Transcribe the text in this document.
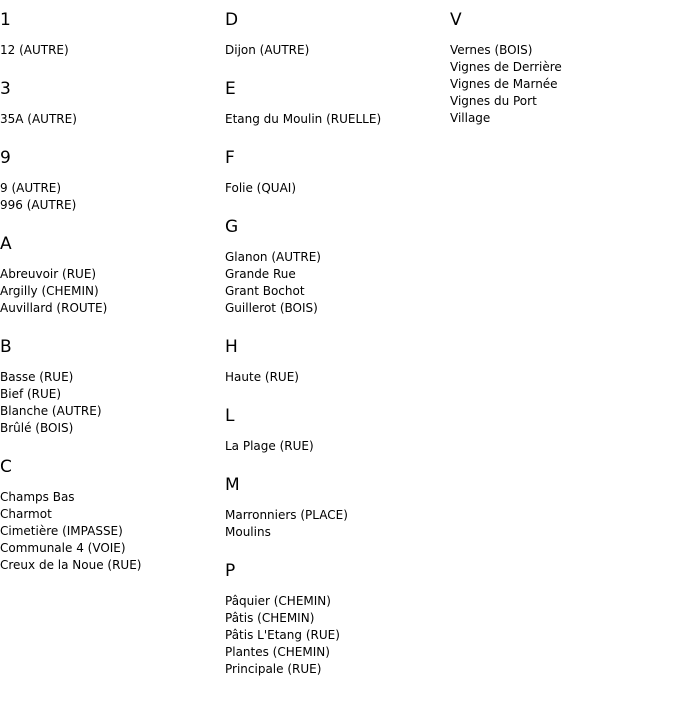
1
12 (AUTRE)
3
35A (AUTRE)
9
9 (AUTRE)
996 (AUTRE)
A
Abreuvoir (RUE)
Argilly (CHEMIN)
Auvillard (ROUTE)
B
Basse (RUE)
Bief (RUE)
Blanche (AUTRE)
Brûlé (BOIS)
C
Champs Bas
Charmot
Cimetière (IMPASSE)
Communale 4 (VOIE)
Creux de la Noue (RUE)
D
Dijon (AUTRE)
E
Etang du Moulin (RUELLE)
F
Folie (QUAI)
G
Glanon (AUTRE)
Grande Rue
Grant Bochot
Guillerot (BOIS)
H
Haute (RUE)
L
La Plage (RUE)
M
Marronniers (PLACE)
Moulins
P
Pâquier (CHEMIN)
Pâtis (CHEMIN)
Pâtis L'Etang (RUE)
Plantes (CHEMIN)
Principale (RUE)
V
Vernes (BOIS)
Vignes de Derrière
Vignes de Marnée
Vignes du Port
Village
